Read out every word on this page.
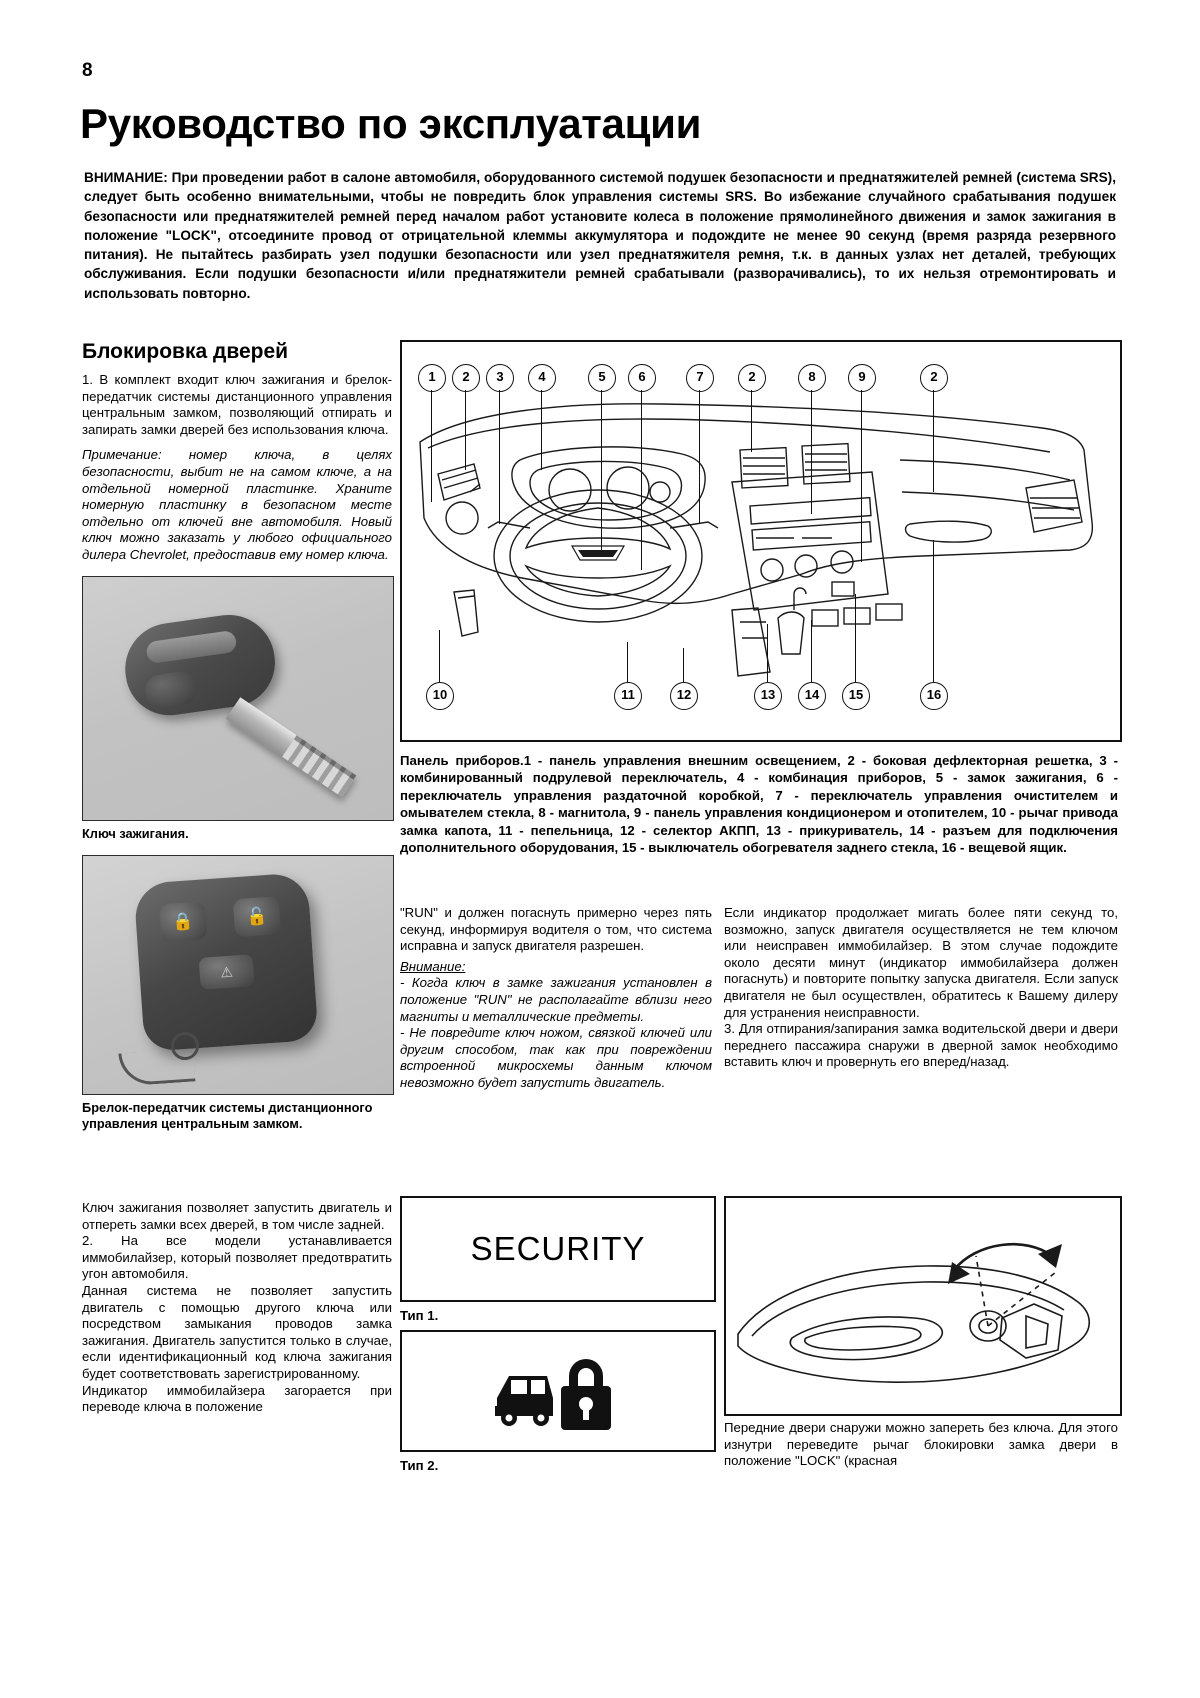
8
Руководство по эксплуатации
ВНИМАНИЕ: При проведении работ в салоне автомобиля, оборудованного системой подушек безопасности и преднатяжителей ремней (система SRS), следует быть особенно внимательными, чтобы не повредить блок управления системы SRS. Во избежание случайного срабатывания подушек безопасности или преднатяжителей ремней перед началом работ установите колеса в положение прямолинейного движения и замок зажигания в положение "LOCK", отсоедините провод от отрицательной клеммы аккумулятора и подождите не менее 90 секунд (время разряда резервного питания). Не пытайтесь разбирать узел подушки безопасности или узел преднатяжителя ремня, т.к. в данных узлах нет деталей, требующих обслуживания. Если подушки безопасности и/или преднатяжители ремней срабатывали (разворачивались), то их нельзя отремонтировать и использовать повторно.
Блокировка дверей
1. В комплект входит ключ зажигания и брелок-передатчик системы дистанционного управления центральным замком, позволяющий отпирать и запирать замки дверей без использования ключа.
Примечание: номер ключа, в целях безопасности, выбит не на самом ключе, а на отдельной номерной пластинке. Храните номерную пластинку в безопасном месте отдельно от ключей вне автомобиля. Новый ключ можно заказать у любого официального дилера Chevrolet, предоставив ему номер ключа.
Ключ зажигания.
🔒	🔓
⚠
Брелок-передатчик системы дистанционного управления центральным замком.
Ключ зажигания позволяет запустить двигатель и отпереть замки всех дверей, в том числе задней.
2. На все модели устанавливается иммобилайзер, который позволяет предотвратить угон автомобиля.
Данная система не позволяет запустить двигатель с помощью другого ключа или посредством замыкания проводов замка зажигания. Двигатель запустится только в случае, если идентификационный код ключа зажигания будет соответствовать зарегистрированному.
Индикатор иммобилайзера загорается при переводе ключа в положение
1	2	3	4	5	6	7	2	8	9	2
10	11	12	13	14	15	16
Панель приборов.1 - панель управления внешним освещением, 2 - боковая дефлекторная решетка, 3 - комбинированный подрулевой переключатель, 4 - комбинация приборов, 5 - замок зажигания, 6 - переключатель управления раздаточной коробкой, 7 - переключатель управления очистителем и омывателем стекла, 8 - магнитола, 9 - панель управления кондиционером и отопителем, 10 - рычаг привода замка капота, 11 - пепельница, 12 - селектор АКПП, 13 - прикуриватель, 14 - разъем для подключения дополнительного оборудования, 15 - выключатель обогревателя заднего стекла, 16 - вещевой ящик.
"RUN" и должен погаснуть примерно через пять секунд, информируя водителя о том, что система исправна и запуск двигателя разрешен.
Внимание:
- Когда ключ в замке зажигания установлен в положение "RUN" не располагайте вблизи него магниты и металлические предметы.
- Не повредите ключ ножом, связкой ключей или другим способом, так как при повреждении встроенной микросхемы данным ключом невозможно будет запустить двигатель.
SECURITY
Тип 1.
Тип 2.
Если индикатор продолжает мигать более пяти секунд то, возможно, запуск двигателя осуществляется не тем ключом или неисправен иммобилайзер. В этом случае подождите около десяти минут (индикатор иммобилайзера должен погаснуть) и повторите попытку запуска двигателя. Если запуск двигателя не был осуществлен, обратитесь к Вашему дилеру для устранения неисправности.
3. Для отпирания/запирания замка водительской двери и двери переднего пассажира снаружи в дверной замок необходимо вставить ключ и провернуть его вперед/назад.
Передние двери снаружи можно запереть без ключа. Для этого изнутри переведите рычаг блокировки замка двери в положение "LOCK" (красная
